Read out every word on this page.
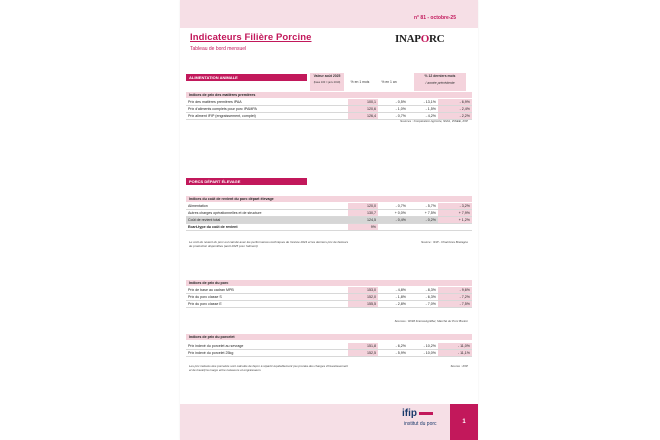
n° 81 - octobre-25
Indicateurs Filière Porcine
Tableau de bord mensuel
INAPORC
ALIMENTATION ANIMALE	Valeur août 2025
(base 100 = janv 2019)	% en 1 mois	% en 1 an
% 12 derniers mois
/ année précédente
Indices de prix des matières premières
Prix des matières premières IPAA	100,1	- 0,5%	- 13,1%	- 6,9%
Prix d'aliments complets pour porc IPAMPA	120,6	- 1,0%	- 1,5%	- 2,4%
Prix aliment IFIP (engraissement, complet)	126,4	- 0,7%	- 4,2%	- 2,2%
Sources : Coopération Agricole, SNIA, INSEE, IFIP
PORCS DÉPART ÉLEVAGE
Indices du coût de revient du porc départ élevage
Alimentation	120,0	- 0,7%	- 5,7%	- 3,2%
Autres charges opérationnelles et de structure	130,7	+ 0,0%	+ 7,5%	+ 7,9%
Coût de revient total	124,5	- 0,4%	- 0,2%	+ 1,2%
Ecart-type du coût de revient	9%			
Source : IFIP - Chambres Bretagne
Le coût de revient du porc est calculé avec les performances techniques de l'année 2024 et les derniers prix de facteurs de production disponibles (août 2025 pour l'aliment)
Indices de prix du porc
Prix de base au cadran MPB	153,0	- 4,8%	- 8,3%	- 9,6%
Prix du porc classe S	152,0	- 1,8%	- 6,3%	- 7,2%
Prix du porc classe E	155,5	- 2,8%	- 7,0%	- 7,5%
Sources : RNM FranceAgriMer, Marché du Porc Breton
Indices de prix du porcelet
Prix indexé du porcelet au sevrage	151,8	- 6,2%	- 10,2%	- 11,0%
Prix indexé du porcelet 25kg	152,5	- 5,9%	- 10,0%	- 11,1%
Source : IFIP
Les prix indexés des porcelets sont calculés de façon à répartir équitablement (au prorata des charges d'investissement et de travail) la marge entre naisseurs et engraisseurs
ifip
institut du porc	1
